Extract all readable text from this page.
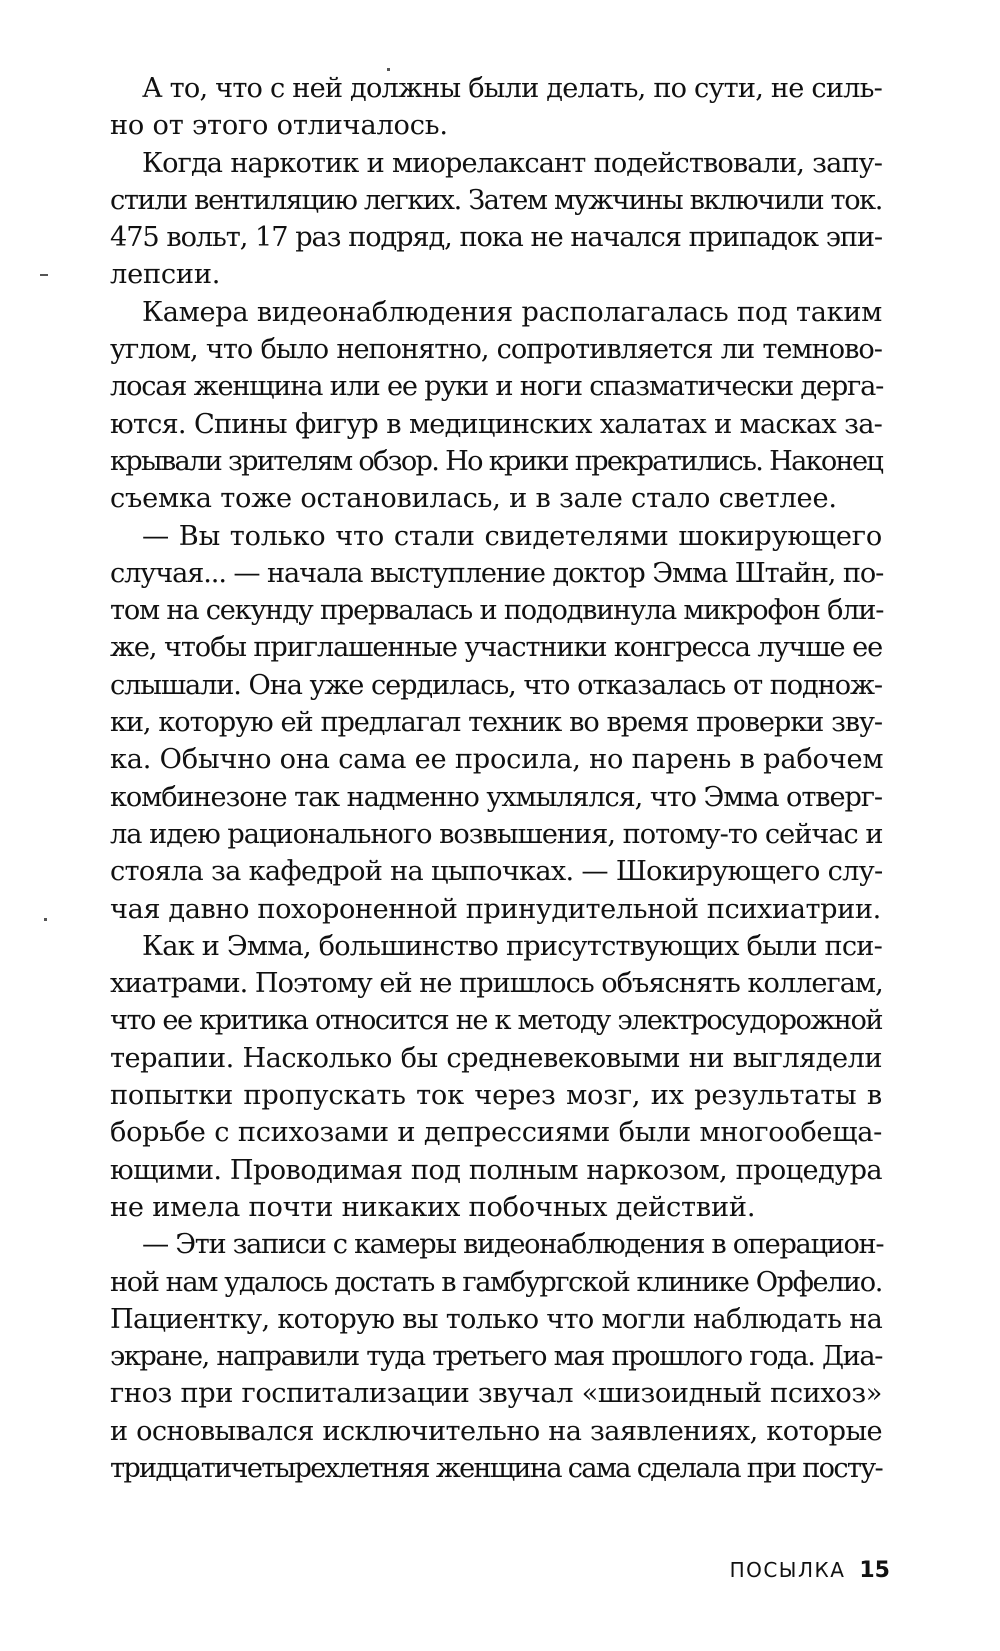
А то, что с ней должны были делать, по сути, не силь-
но от этого отличалось.
Когда наркотик и миорелаксант подействовали, запу-
стили вентиляцию легких. Затем мужчины включили ток.
475 вольт, 17 раз подряд, пока не начался припадок эпи-
лепсии.
Камера видеонаблюдения располагалась под таким
углом, что было непонятно, сопротивляется ли темново-
лосая женщина или ее руки и ноги спазматически дерга-
ются. Спины фигур в медицинских халатах и масках за-
крывали зрителям обзор. Но крики прекратились. Наконец
съемка тоже остановилась, и в зале стало светлее.
— Вы только что стали свидетелями шокирующего
случая... — начала выступление доктор Эмма Штайн, по-
том на секунду прервалась и пододвинула микрофон бли-
же, чтобы приглашенные участники конгресса лучше ее
слышали. Она уже сердилась, что отказалась от поднож-
ки, которую ей предлагал техник во время проверки зву-
ка. Обычно она сама ее просила, но парень в рабочем
комбинезоне так надменно ухмылялся, что Эмма отверг-
ла идею рационального возвышения, потому-то сейчас и
стояла за кафедрой на цыпочках. — Шокирующего слу-
чая давно похороненной принудительной психиатрии.
Как и Эмма, большинство присутствующих были пси-
хиатрами. Поэтому ей не пришлось объяснять коллегам,
что ее критика относится не к методу электросудорожной
терапии. Насколько бы средневековыми ни выглядели
попытки пропускать ток через мозг, их результаты в
борьбе с психозами и депрессиями были многообеща-
ющими. Проводимая под полным наркозом, процедура
не имела почти никаких побочных действий.
— Эти записи с камеры видеонаблюдения в операцион-
ной нам удалось достать в гамбургской клинике Орфелио.
Пациентку, которую вы только что могли наблюдать на
экране, направили туда третьего мая прошлого года. Диа-
гноз при госпитализации звучал «шизоидный психоз»
и основывался исключительно на заявлениях, которые
тридцатичетырехлетняя женщина сама сделала при посту-
ПОСЫЛКА 15
